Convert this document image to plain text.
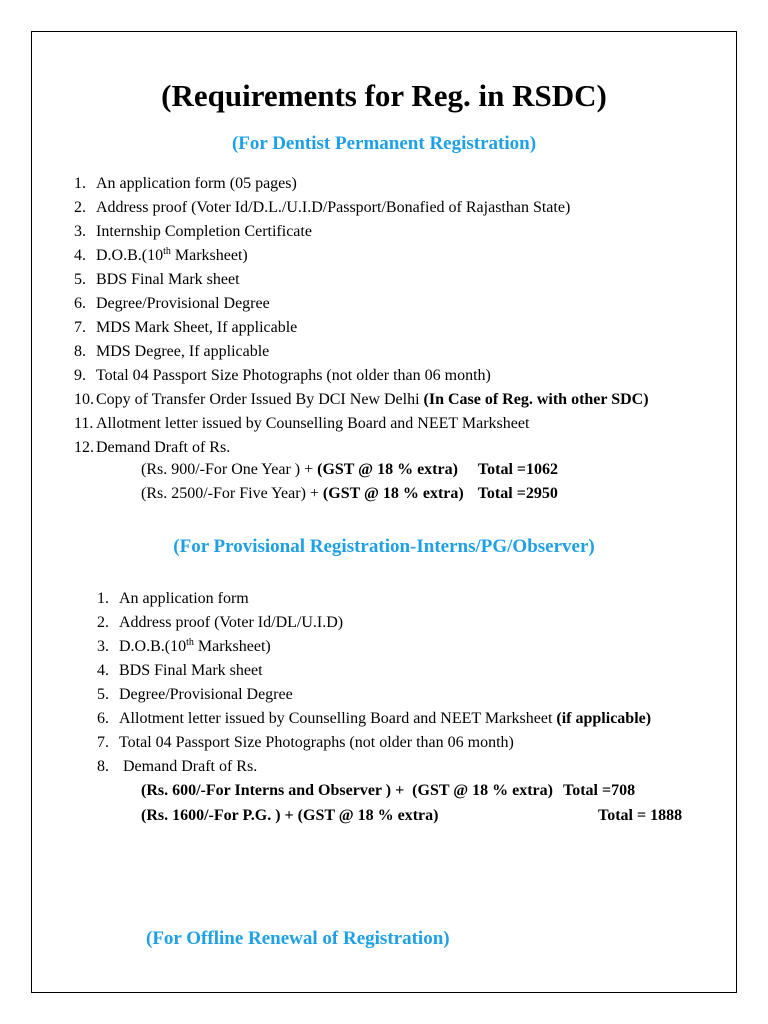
(Requirements for Reg. in RSDC)
(For Dentist Permanent Registration)
1. An application form (05 pages)
2. Address proof (Voter Id/D.L./U.I.D/Passport/Bonafied of Rajasthan State)
3. Internship Completion Certificate
4. D.O.B.(10th Marksheet)
5. BDS Final Mark sheet
6. Degree/Provisional Degree
7. MDS Mark Sheet, If applicable
8. MDS Degree, If applicable
9. Total 04 Passport Size Photographs (not older than 06 month)
10. Copy of Transfer Order Issued By DCI New Delhi (In Case of Reg. with other SDC)
11. Allotment letter issued by Counselling Board and NEET Marksheet
12. Demand Draft of Rs.
(Rs. 900/-For One Year ) + (GST @ 18 % extra) Total =1062
(Rs. 2500/-For Five Year) + (GST @ 18 % extra) Total =2950
(For Provisional Registration-Interns/PG/Observer)
1. An application form
2. Address proof (Voter Id/DL/U.I.D)
3. D.O.B.(10th Marksheet)
4. BDS Final Mark sheet
5. Degree/Provisional Degree
6. Allotment letter issued by Counselling Board and NEET Marksheet (if applicable)
7. Total 04 Passport Size Photographs (not older than 06 month)
8. Demand Draft of Rs.
(Rs. 600/-For Interns and Observer ) +  (GST @ 18 % extra) Total =708
(Rs. 1600/-For P.G. ) + (GST @ 18 % extra)	Total = 1888
(For Offline Renewal of Registration)
